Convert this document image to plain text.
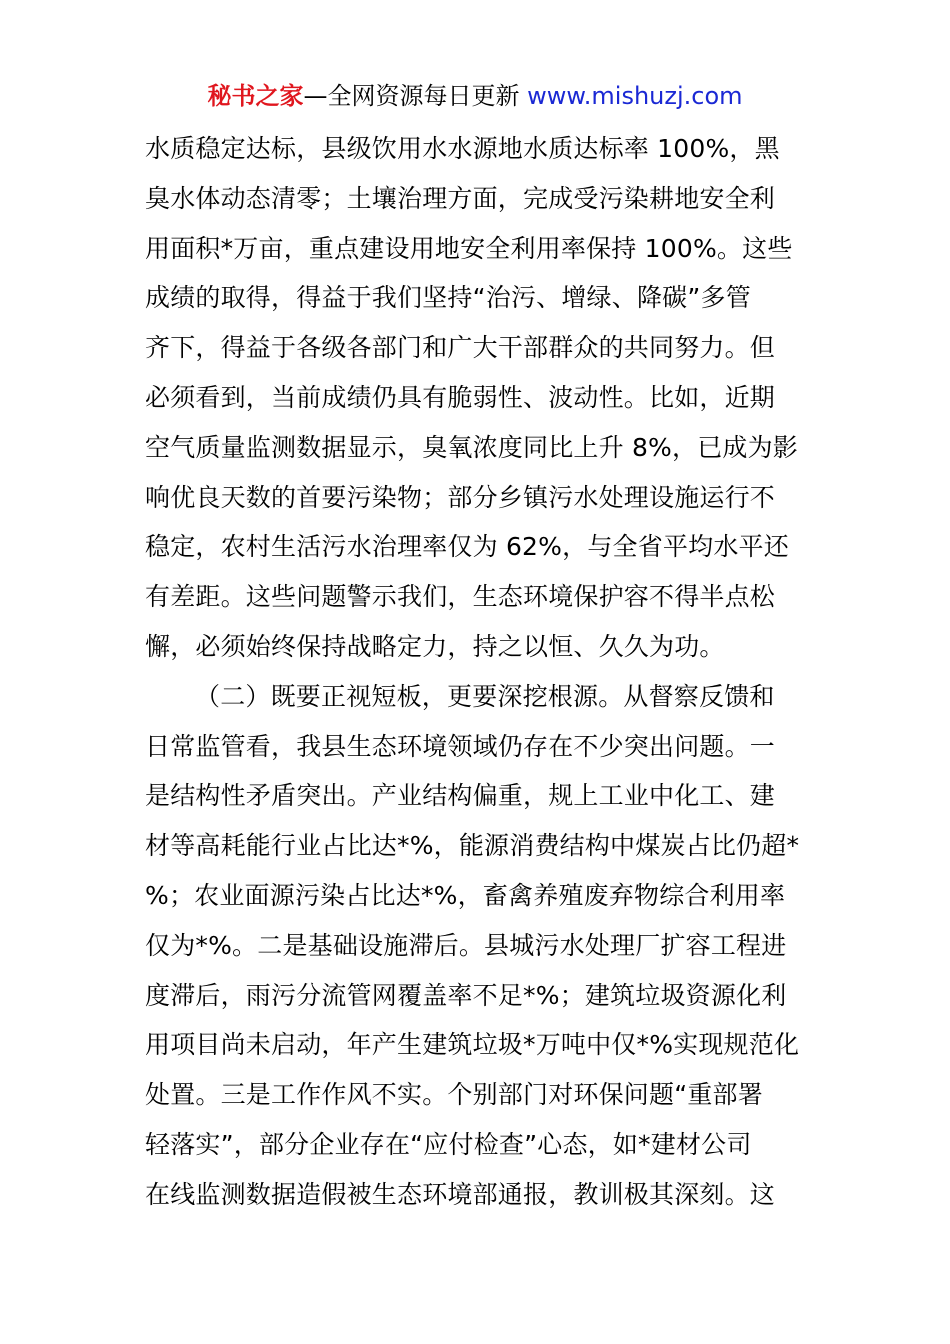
秘书之家—全网资源每日更新 www.mishuzj.com
水质稳定达标，县级饮用水水源地水质达标率 100%，黑
臭水体动态清零；土壤治理方面，完成受污染耕地安全利
用面积*万亩，重点建设用地安全利用率保持 100%。这些
成绩的取得，得益于我们坚持“治污、增绿、降碳”多管
齐下，得益于各级各部门和广大干部群众的共同努力。但
必须看到，当前成绩仍具有脆弱性、波动性。比如，近期
空气质量监测数据显示，臭氧浓度同比上升 8%，已成为影
响优良天数的首要污染物；部分乡镇污水处理设施运行不
稳定，农村生活污水治理率仅为 62%，与全省平均水平还
有差距。这些问题警示我们，生态环境保护容不得半点松
懈，必须始终保持战略定力，持之以恒、久久为功。
（二）既要正视短板，更要深挖根源。从督察反馈和
日常监管看，我县生态环境领域仍存在不少突出问题。一
是结构性矛盾突出。产业结构偏重，规上工业中化工、建
材等高耗能行业占比达*%，能源消费结构中煤炭占比仍超*
%；农业面源污染占比达*%，畜禽养殖废弃物综合利用率
仅为*%。二是基础设施滞后。县城污水处理厂扩容工程进
度滞后，雨污分流管网覆盖率不足*%；建筑垃圾资源化利
用项目尚未启动，年产生建筑垃圾*万吨中仅*%实现规范化
处置。三是工作作风不实。个别部门对环保问题“重部署
轻落实”，部分企业存在“应付检查”心态，如*建材公司
在线监测数据造假被生态环境部通报，教训极其深刻。这
